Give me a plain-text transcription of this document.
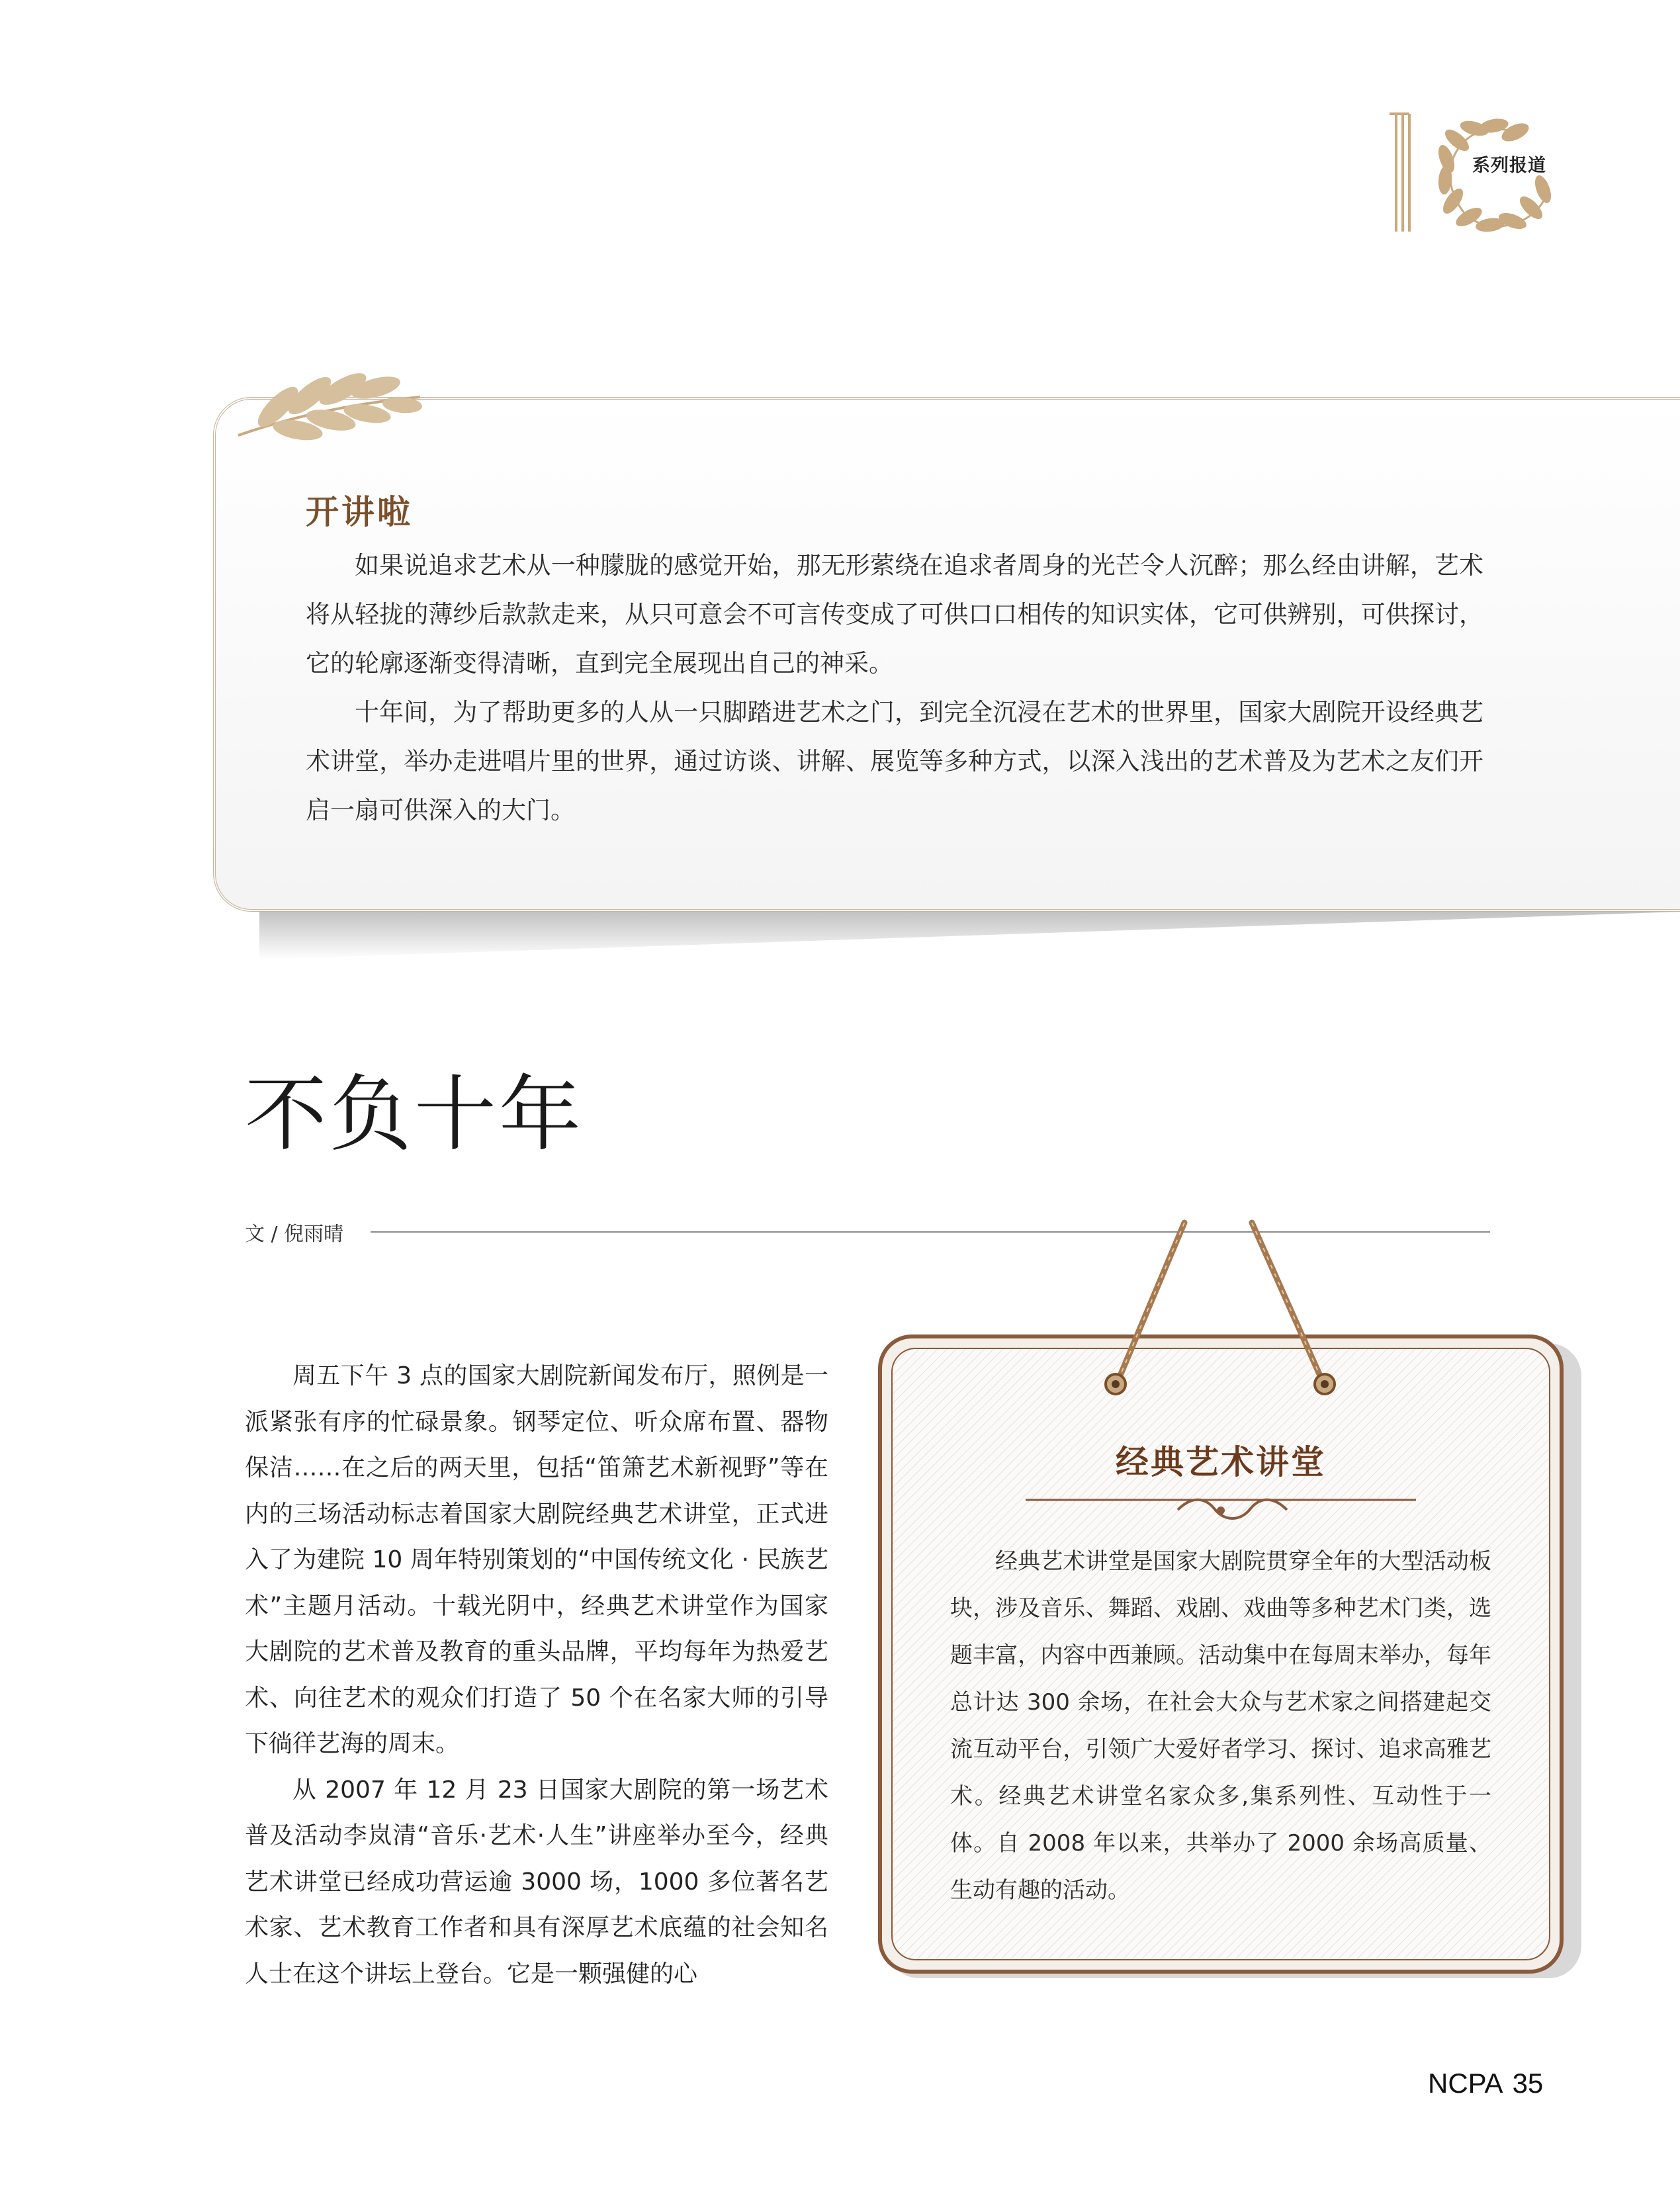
系列报道
开讲啦

如果说追求艺术从一种朦胧的感觉开始，那无形萦绕在追求者周身的光芒令人沉醉；那么经由讲解，艺术将从轻拢的薄纱后款款走来，从只可意会不可言传变成了可供口口相传的知识实体，它可供辨别，可供探讨，它的轮廓逐渐变得清晰，直到完全展现出自己的神采。

十年间，为了帮助更多的人从一只脚踏进艺术之门，到完全沉浸在艺术的世界里，国家大剧院开设经典艺术讲堂，举办走进唱片里的世界，通过访谈、讲解、展览等多种方式，以深入浅出的艺术普及为艺术之友们开启一扇可供深入的大门。

不负十年
文 / 倪雨晴

周五下午 3 点的国家大剧院新闻发布厅，照例是一派紧张有序的忙碌景象。钢琴定位、听众席布置、器物保洁……在之后的两天里，包括“笛箫艺术新视野”等在内的三场活动标志着国家大剧院经典艺术讲堂，正式进入了为建院 10 周年特别策划的“中国传统文化 · 民族艺术”主题月活动。十载光阴中，经典艺术讲堂作为国家大剧院的艺术普及教育的重头品牌，平均每年为热爱艺术、向往艺术的观众们打造了 50 个在名家大师的引导下徜徉艺海的周末。

从 2007 年 12 月 23 日国家大剧院的第一场艺术普及活动李岚清“音乐·艺术·人生”讲座举办至今，经典艺术讲堂已经成功营运逾 3000 场，1000 多位著名艺术家、艺术教育工作者和具有深厚艺术底蕴的社会知名人士在这个讲坛上登台。它是一颗强健的心

经典艺术讲堂

经典艺术讲堂是国家大剧院贯穿全年的大型活动板块，涉及音乐、舞蹈、戏剧、戏曲等多种艺术门类，选题丰富，内容中西兼顾。活动集中在每周末举办，每年总计达 300 余场，在社会大众与艺术家之间搭建起交流互动平台，引领广大爱好者学习、探讨、追求高雅艺术。经典艺术讲堂名家众多,集系列性、互动性于一体。自 2008 年以来，共举办了 2000 余场高质量、生动有趣的活动。

NCPA 35
